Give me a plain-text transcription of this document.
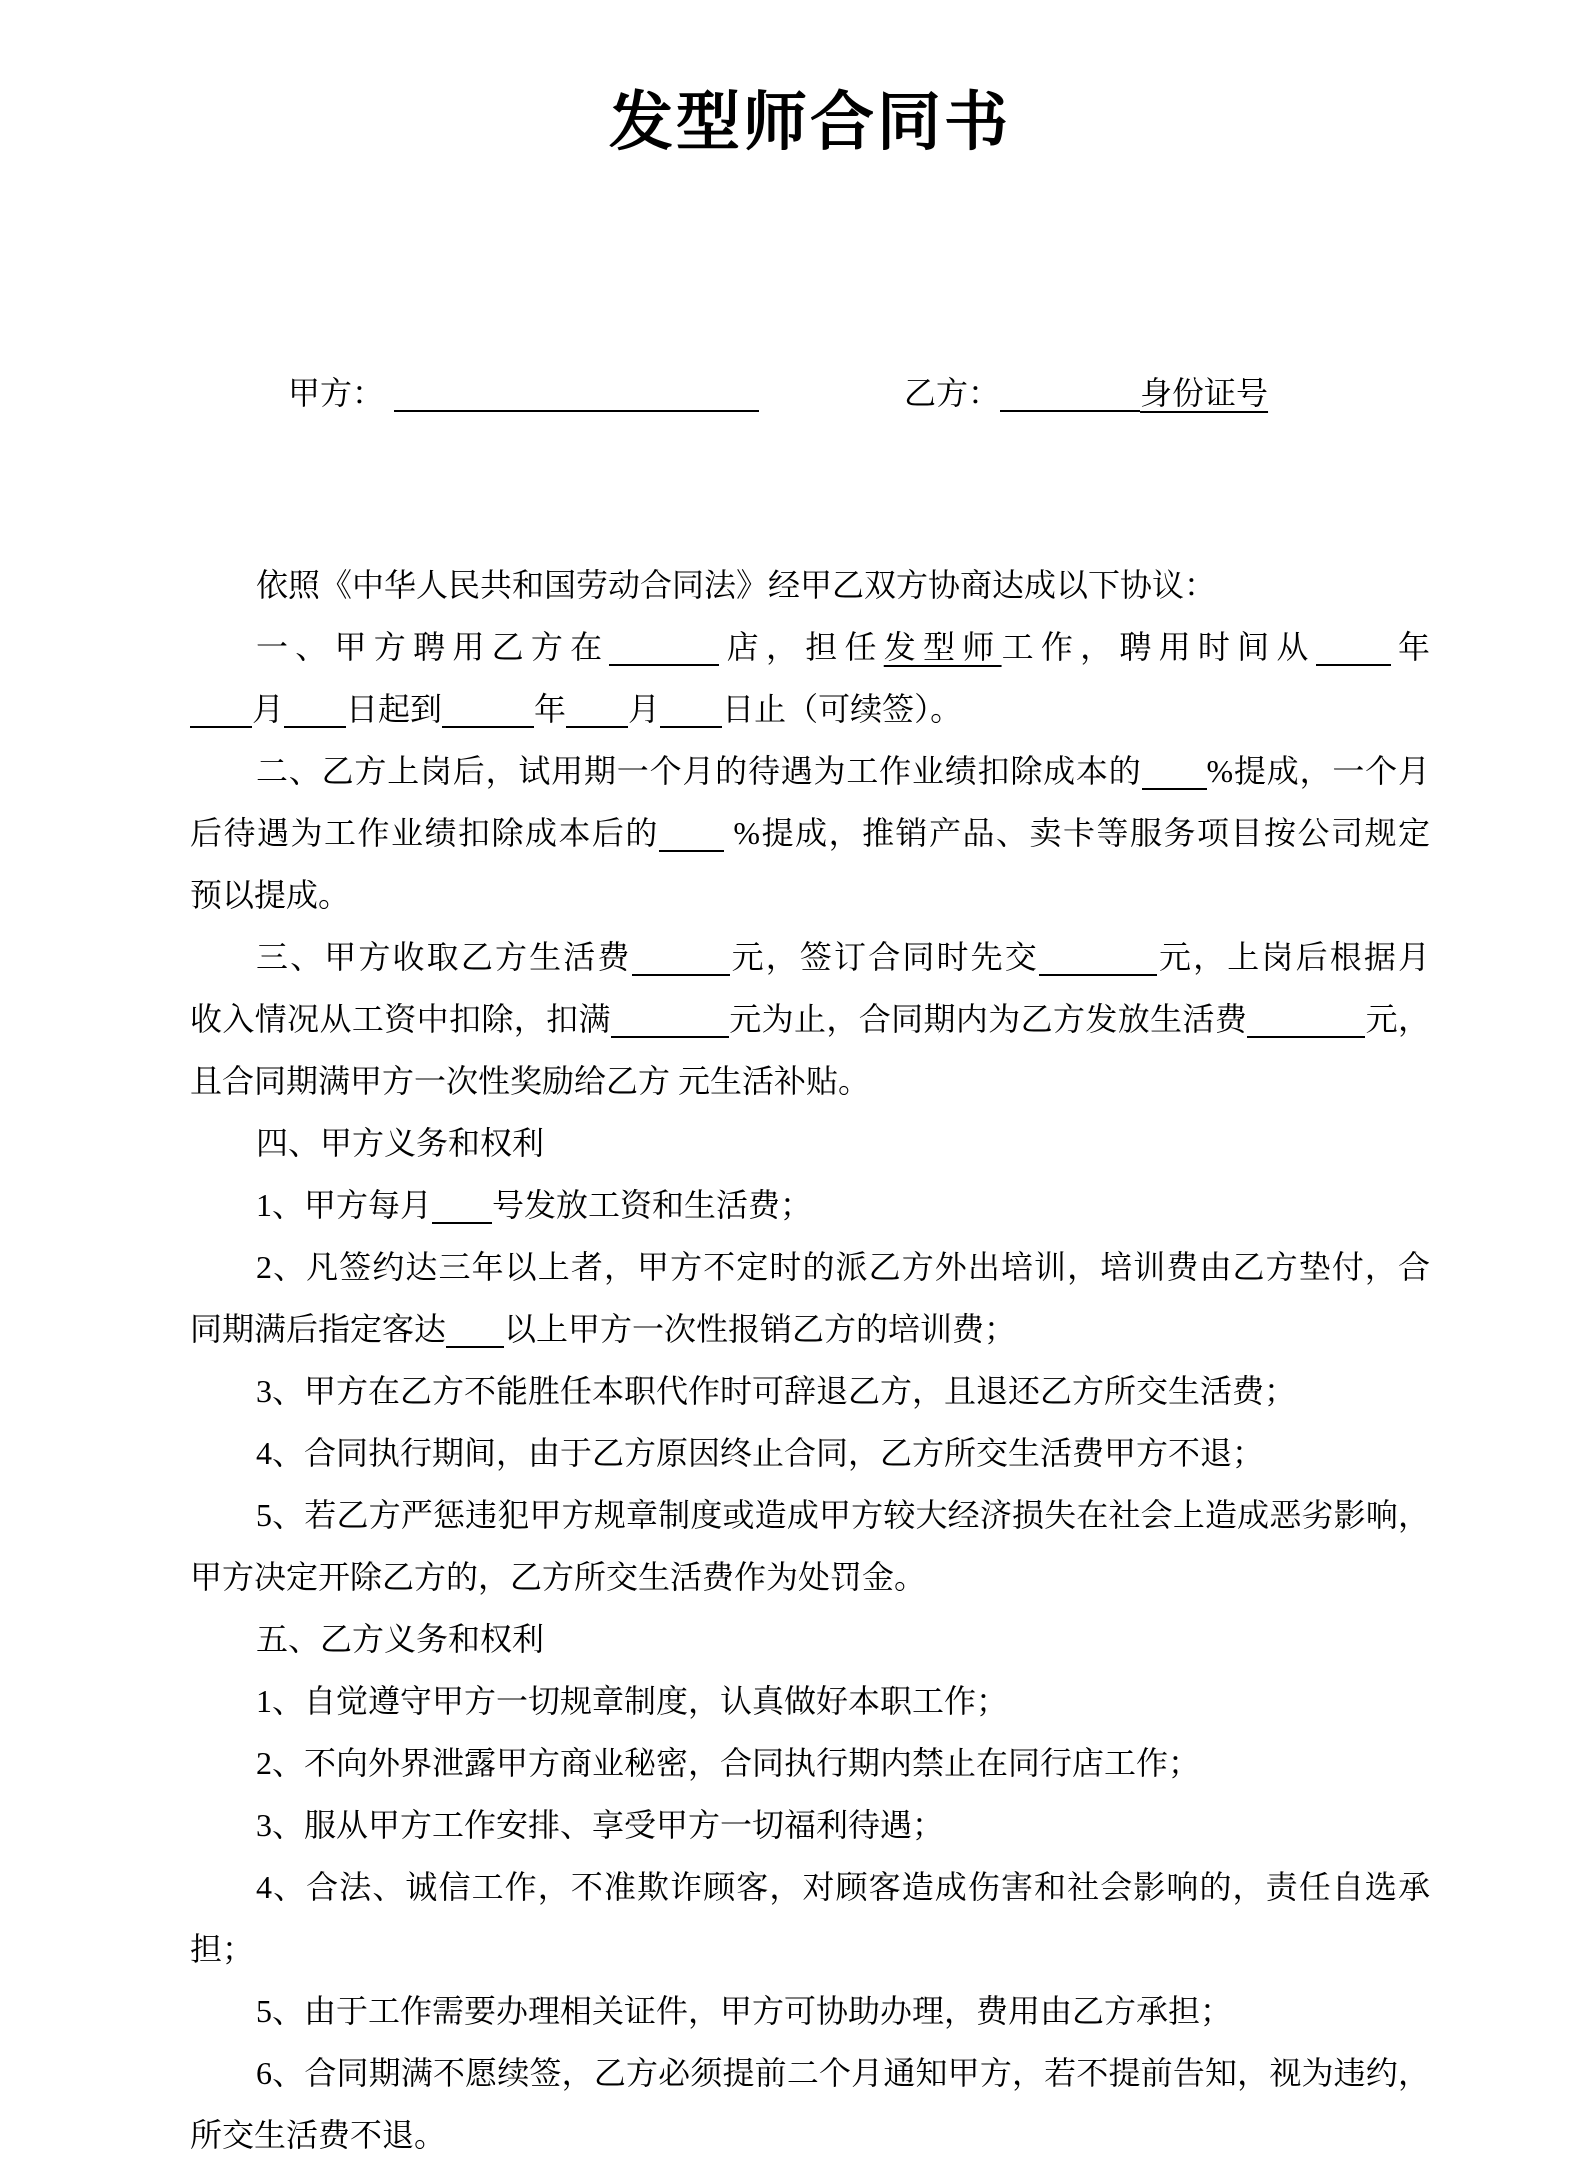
发型师合同书

甲方：	乙方：	身份证号

依照《中华人民共和国劳动合同法》经甲乙双方协商达成以下协议：
一、甲方聘用乙方在	店，担任发型师工作，聘用时间从 年
月 日起到	年 月 日止（可续签）。
二、乙方上岗后，试用期一个月的待遇为工作业绩扣除成本的 %提成，一个月
后待遇为工作业绩扣除成本后的 %提成，推销产品、卖卡等服务项目按公司规定
预以提成。
三、甲方收取乙方生活费	元，签订合同时先交	元，上岗后根据月
收入情况从工资中扣除，扣满	元为止，合同期内为乙方发放生活费	元，
且合同期满甲方一次性奖励给乙方 元生活补贴。
四、甲方义务和权利
1、甲方每月 号发放工资和生活费；
2、凡签约达三年以上者，甲方不定时的派乙方外出培训，培训费由乙方垫付，合
同期满后指定客达 以上甲方一次性报销乙方的培训费；
3、甲方在乙方不能胜任本职代作时可辞退乙方，且退还乙方所交生活费；
4、合同执行期间，由于乙方原因终止合同，乙方所交生活费甲方不退；
5、若乙方严惩违犯甲方规章制度或造成甲方较大经济损失在社会上造成恶劣影响，
甲方决定开除乙方的，乙方所交生活费作为处罚金。
五、乙方义务和权利
1、自觉遵守甲方一切规章制度，认真做好本职工作；
2、不向外界泄露甲方商业秘密，合同执行期内禁止在同行店工作；
3、服从甲方工作安排、享受甲方一切福利待遇；
4、合法、诚信工作，不准欺诈顾客，对顾客造成伤害和社会影响的，责任自选承
担；
5、由于工作需要办理相关证件，甲方可协助办理，费用由乙方承担；
6、合同期满不愿续签，乙方必须提前二个月通知甲方，若不提前告知，视为违约，
所交生活费不退。
